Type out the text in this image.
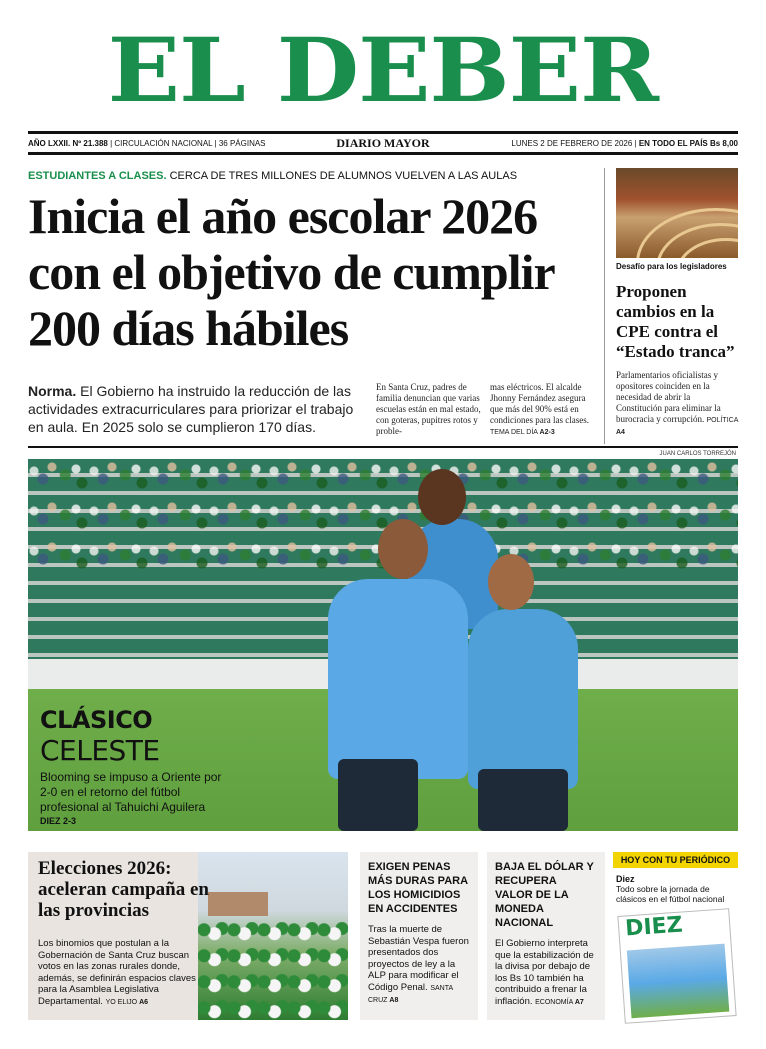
EL DEBER
AÑO LXXII. Nº 21.388 | CIRCULACIÓN NACIONAL | 36 PÁGINAS	DIARIO MAYOR	LUNES 2 DE FEBRERO DE 2026 | EN TODO EL PAÍS Bs 8,00
ESTUDIANTES A CLASES. CERCA DE TRES MILLONES DE ALUMNOS VUELVEN A LAS AULAS
Inicia el año escolar 2026 con el objetivo de cumplir 200 días hábiles

Norma. El Gobierno ha instruido la reducción de las actividades extracurriculares para priorizar el trabajo en aula. En 2025 solo se cumplieron 170 días.

En Santa Cruz, padres de familia denuncian que varias escuelas están en mal estado, con goteras, pupitres rotos y proble-

mas eléctricos. El alcalde Jhonny Fernández asegura que más del 90% está en condiciones para las clases. TEMA DEL DÍA A2-3

Desafío para los legisladores
Proponen cambios en la CPE contra el “Estado tranca”

Parlamentarios oficialistas y opositores coinciden en la necesidad de abrir la Constitución para eliminar la burocracia y corrupción. POLÍTICA A4

JUAN CARLOS TORREJÓN
CLÁSICO
CELESTE

Blooming se impuso a Oriente por 2-0 en el retorno del fútbol profesional al Tahuichi Aguilera

DIEZ 2-3
Elecciones 2026: aceleran campaña en las provincias

Los binomios que postulan a la Gobernación de Santa Cruz buscan votos en las zonas rurales donde, además, se definirán espacios claves para la Asamblea Legislativa Departamental. YO ELIJO A6

EXIGEN PENAS MÁS DURAS PARA LOS HOMICIDIOS EN ACCIDENTES

Tras la muerte de Sebastián Vespa fueron presentados dos proyectos de ley a la ALP para modificar el Código Penal. SANTA CRUZ A8

BAJA EL DÓLAR Y RECUPERA VALOR DE LA MONEDA NACIONAL

El Gobierno interpreta que la estabilización de la divisa por debajo de los Bs 10 también ha contribuido a frenar la inflación. ECONOMÍA A7

HOY CON TU PERIÓDICO
Diez
Todo sobre la jornada de clásicos en el fútbol nacional
DIEZ
